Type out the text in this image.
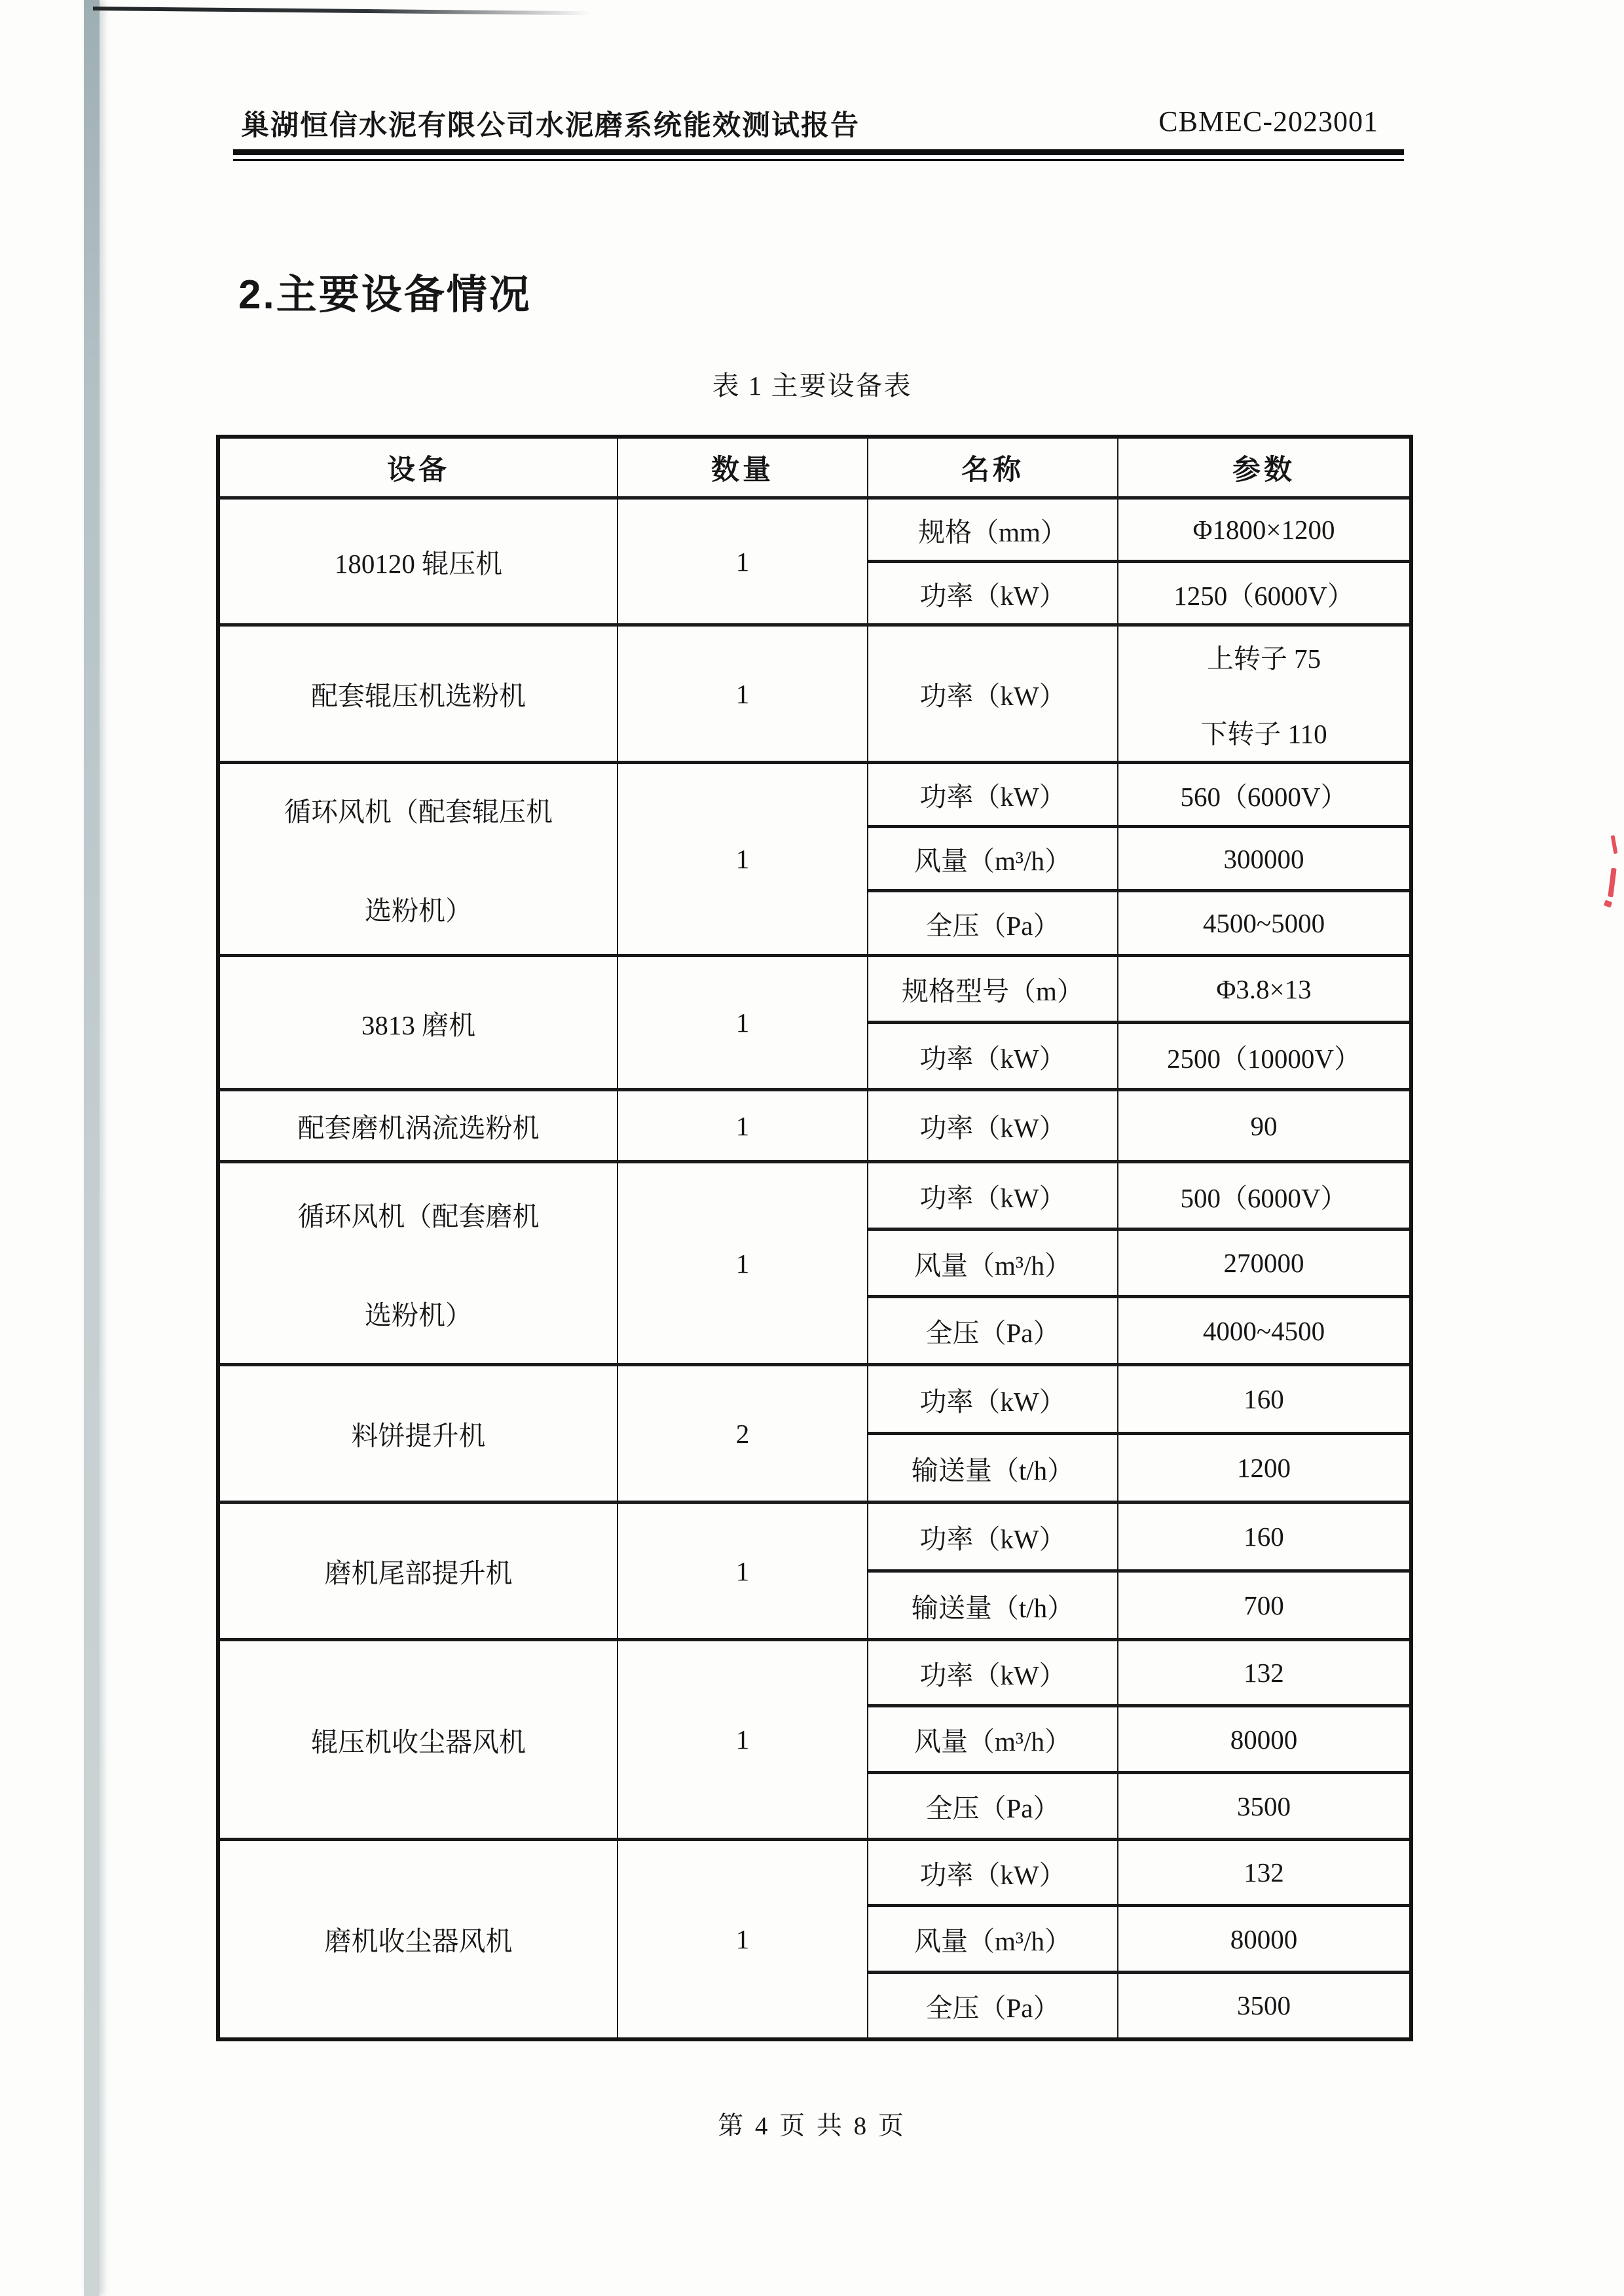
巢湖恒信水泥有限公司水泥磨系统能效测试报告	CBMEC-2023001
2.主要设备情况
表 1 主要设备表
设备	数量	名称	参数
180120 辊压机	1	规格（mm）	Φ1800×1200
		功率（kW）	1250（6000V）
配套辊压机选粉机	1	功率（kW）	上转子 75
下转子 110

循环风机（配套辊压机
选粉机）	1	功率（kW）	560（6000V）
		风量（m³/h）	300000
		全压（Pa）	4500~5000
3813 磨机	1	规格型号（m）	Φ3.8×13
		功率（kW）	2500（10000V）
配套磨机涡流选粉机	1	功率（kW）	90

循环风机（配套磨机
选粉机）	1	功率（kW）	500（6000V）
		风量（m³/h）	270000
		全压（Pa）	4000~4500
料饼提升机	2	功率（kW）	160
		输送量（t/h）	1200
磨机尾部提升机	1	功率（kW）	160
		输送量（t/h）	700
辊压机收尘器风机	1	功率（kW）	132
		风量（m³/h）	80000
		全压（Pa）	3500
磨机收尘器风机	1	功率（kW）	132
		风量（m³/h）	80000
		全压（Pa）	3500
第 4 页 共 8 页
